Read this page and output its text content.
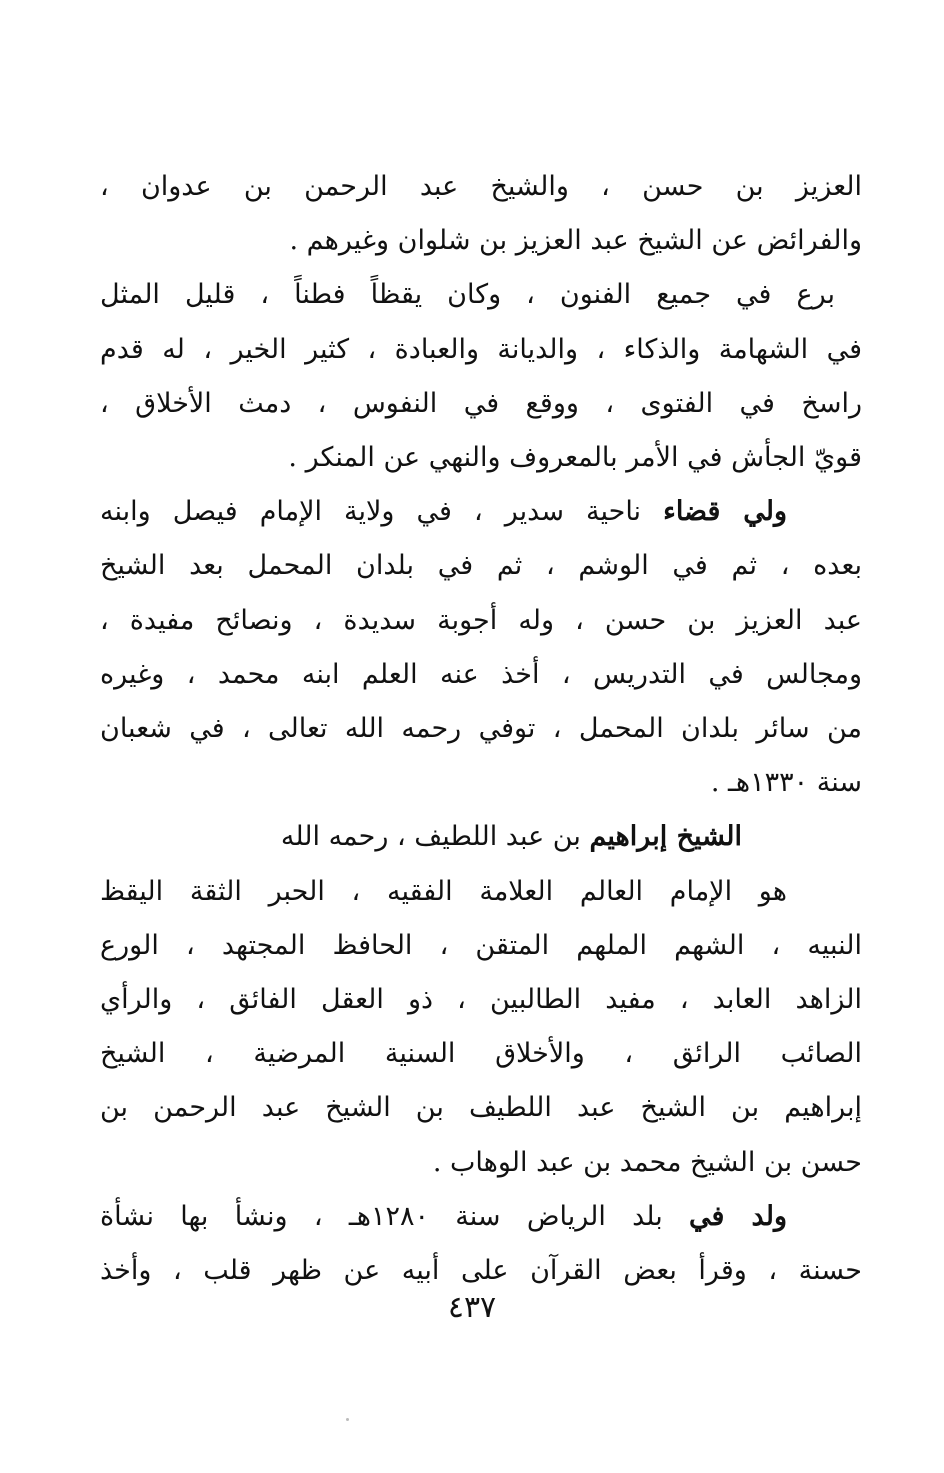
العزيز بن حسن ، والشيخ عبد الرحمن بن عدوان ،
والفرائض عن الشيخ عبد العزيز بن شلوان وغيرهم .
برع في جميع الفنون ، وكان يقظاً فطناً ، قليل المثل
في الشهامة والذكاء ، والديانة والعبادة ، كثير الخير ، له قدم
راسخ في الفتوى ، ووقع في النفوس ، دمث الأخلاق ،
قويّ الجأش في الأمر بالمعروف والنهي عن المنكر .
ولي قضاء ناحية سدير ، في ولاية الإمام فيصل وابنه
بعده ، ثم في الوشم ، ثم في بلدان المحمل بعد الشيخ
عبد العزيز بن حسن ، وله أجوبة سديدة ، ونصائح مفيدة ،
ومجالس في التدريس ، أخذ عنه العلم ابنه محمد ، وغيره
من سائر بلدان المحمل ، توفي رحمه الله تعالى ، في شعبان
سنة ١٣٣٠هـ .
الشيخ إبراهيم بن عبد اللطيف ، رحمه الله
هو الإمام العالم العلامة الفقيه ، الحبر الثقة اليقظ
النبيه ، الشهم الملهم المتقن ، الحافظ المجتهد ، الورع
الزاهد العابد ، مفيد الطالبين ، ذو العقل الفائق ، والرأي
الصائب الرائق ، والأخلاق السنية المرضية ، الشيخ
إبراهيم بن الشيخ عبد اللطيف بن الشيخ عبد الرحمن بن
حسن بن الشيخ محمد بن عبد الوهاب .
ولد في بلد الرياض سنة ١٢٨٠هـ ، ونشأ بها نشأة
حسنة ، وقرأ بعض القرآن على أبيه عن ظهر قلب ، وأخذ
٤٣٧
